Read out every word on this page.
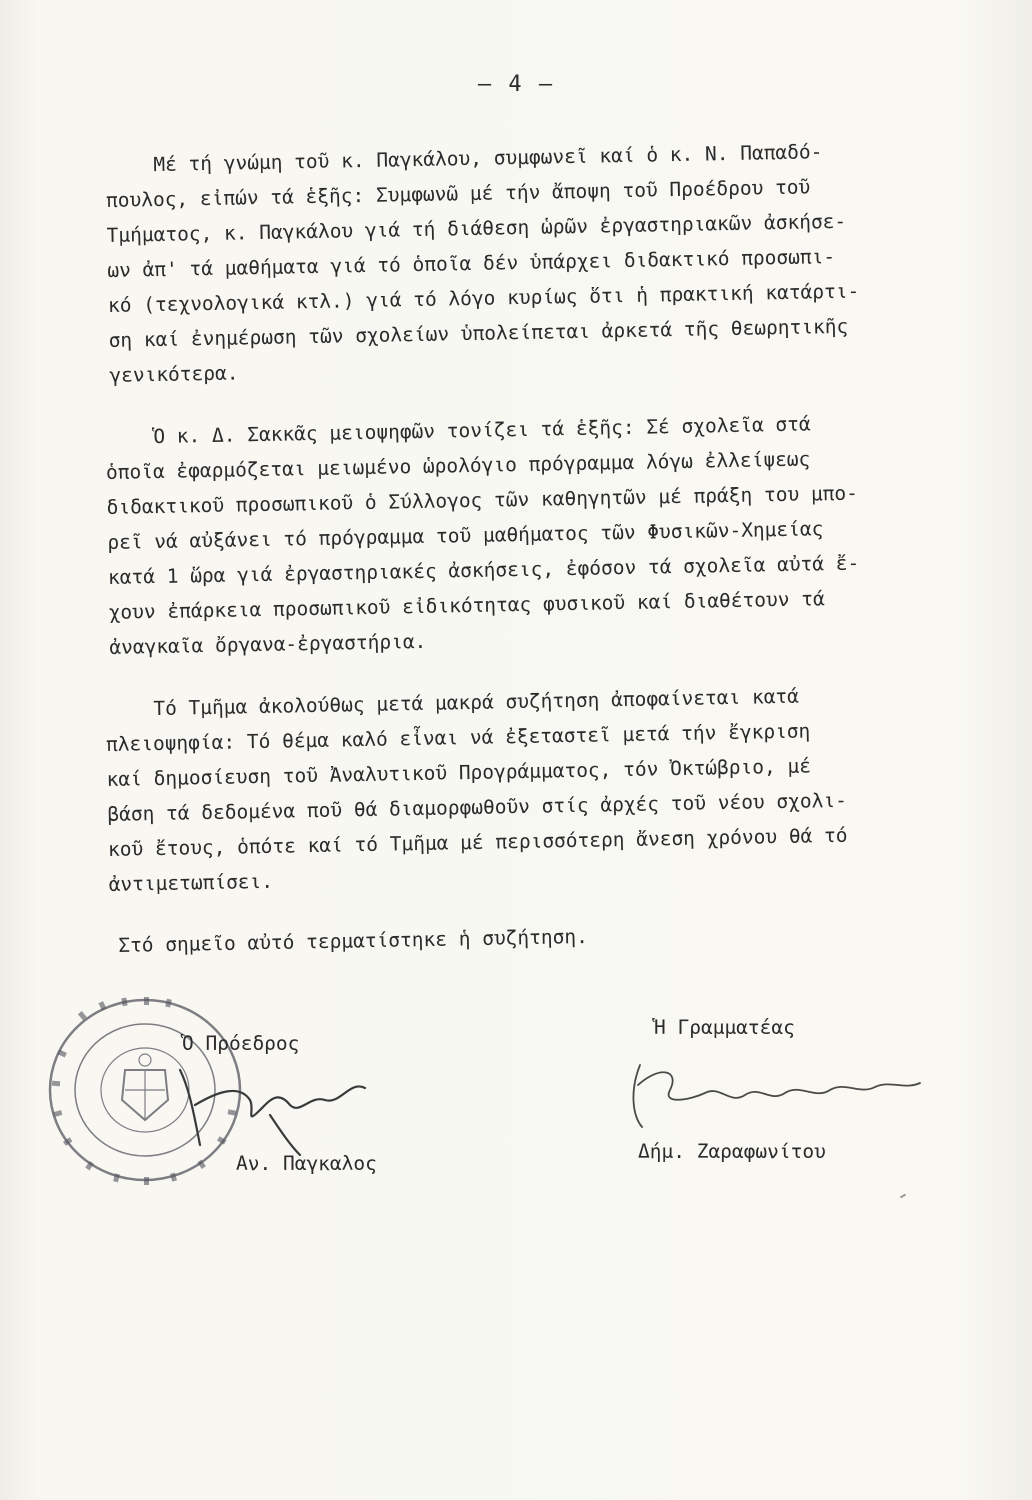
– 4 –
Μέ τή γνώμη τοῦ κ. Παγκάλου, συμφωνεῖ καί ὁ κ. Ν. Παπαδό-
πουλος, εἰπών τά ἑξῆς: Συμφωνῶ μέ τήν ἄποψη τοῦ Προέδρου τοῦ
Τμήματος, κ. Παγκάλου γιά τή διάθεση ὡρῶν ἐργαστηριακῶν ἀσκήσε-
ων ἀπ' τά μαθήματα γιά τό ὁποῖα δέν ὑπάρχει διδακτικό προσωπι-
κό (τεχνολογικά κτλ.) γιά τό λόγο κυρίως ὅτι ἡ πρακτική κατάρτι-
ση καί ἐνημέρωση τῶν σχολείων ὑπολείπεται ἀρκετά τῆς θεωρητικῆς
γενικότερα.
Ὁ κ. Δ. Σακκᾶς μειοψηφῶν τονίζει τά ἑξῆς: Σέ σχολεῖα στά
ὁποῖα ἐφαρμόζεται μειωμένο ὡρολόγιο πρόγραμμα λόγω ἐλλείψεως
διδακτικοῦ προσωπικοῦ ὁ Σύλλογος τῶν καθηγητῶν μέ πράξη του μπο-
ρεῖ νά αὐξάνει τό πρόγραμμα τοῦ μαθήματος τῶν Φυσικῶν-Χημείας
κατά 1 ὥρα γιά ἐργαστηριακές ἀσκήσεις, ἐφόσον τά σχολεῖα αὐτά ἔ-
χουν ἐπάρκεια προσωπικοῦ εἰδικότητας φυσικοῦ καί διαθέτουν τά
ἀναγκαῖα ὄργανα-ἐργαστήρια.
Τό Τμῆμα ἀκολούθως μετά μακρά συζήτηση ἀποφαίνεται κατά
πλειοψηφία: Τό θέμα καλό εἶναι νά ἐξεταστεῖ μετά τήν ἔγκριση
καί δημοσίευση τοῦ Ἀναλυτικοῦ Προγράμματος, τόν Ὀκτώβριο, μέ
βάση τά δεδομένα ποῦ θά διαμορφωθοῦν στίς ἀρχές τοῦ νέου σχολι-
κοῦ ἔτους, ὁπότε καί τό Τμῆμα μέ περισσότερη ἄνεση χρόνου θά τό
ἀντιμετωπίσει.
Στό σημεῖο αὐτό τερματίστηκε ἡ συζήτηση.
Ὁ Πρόεδρος
Αν. Παγκαλος
Ἡ Γραμματέας
Δήμ. Ζαραφωνίτου
